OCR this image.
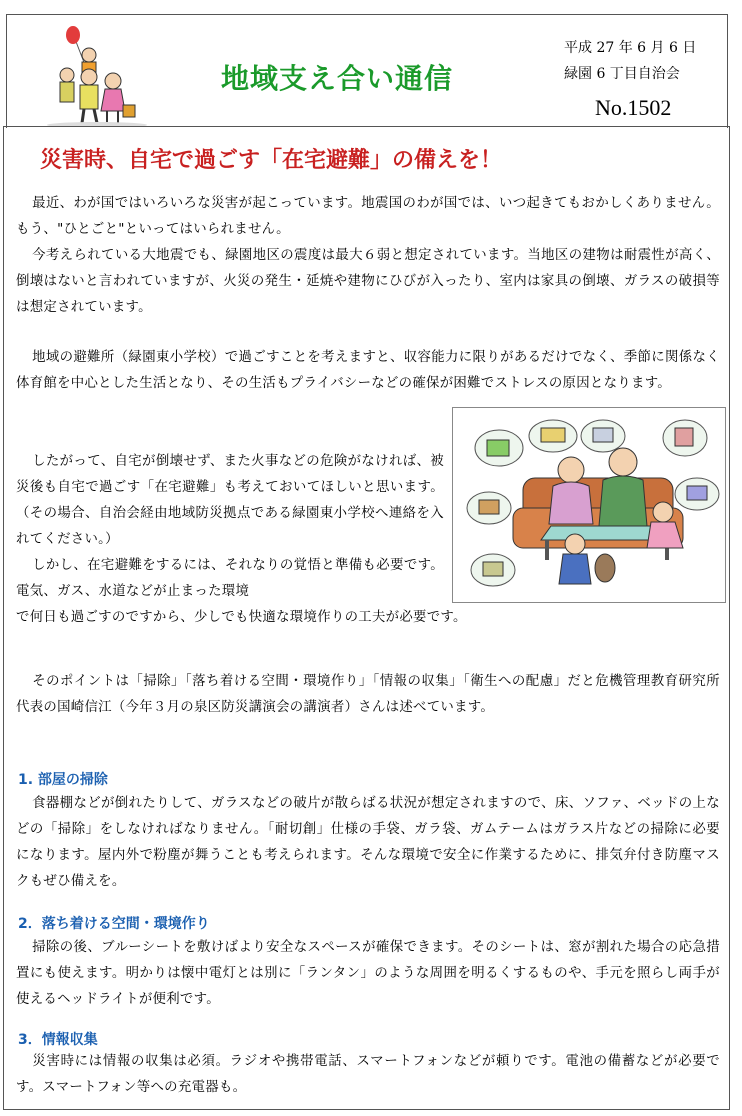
地域支え合い通信
平成 27 年 6 月 6 日
緑園 6 丁目自治会
No.1502
災害時、自宅で過ごす「在宅避難」の備えを！
最近、わが国ではいろいろな災害が起こっています。地震国のわが国では、いつ起きてもおかしくありません。もう、"ひとごと"といってはいられません。
今考えられている大地震でも、緑園地区の震度は最大６弱と想定されています。当地区の建物は耐震性が高く、倒壊はないと言われていますが、火災の発生・延焼や建物にひびが入ったり、室内は家具の倒壊、ガラスの破損等は想定されています。
地域の避難所（緑園東小学校）で過ごすことを考えますと、収容能力に限りがあるだけでなく、季節に関係なく体育館を中心とした生活となり、その生活もプライバシーなどの確保が困難でストレスの原因となります。
したがって、自宅が倒壊せず、また火事などの危険がなければ、被災後も自宅で過ごす「在宅避難」も考えておいてほしいと思います。（その場合、自治会経由地域防災拠点である緑園東小学校へ連絡を入れてください。）
しかし、在宅避難をするには、それなりの覚悟と準備も必要です。電気、ガス、水道などが止まった環境
で何日も過ごすのですから、少しでも快適な環境作りの工夫が必要です。
そのポイントは「掃除」「落ち着ける空間・環境作り」「情報の収集」「衛生への配慮」だと危機管理教育研究所代表の国崎信江（今年３月の泉区防災講演会の講演者）さんは述べています。
1. 部屋の掃除
食器棚などが倒れたりして、ガラスなどの破片が散らばる状況が想定されますので、床、ソファ、ベッドの上などの「掃除」をしなければなりません。「耐切創」仕様の手袋、ガラ袋、ガムテームはガラス片などの掃除に必要になります。屋内外で粉塵が舞うことも考えられます。そんな環境で安全に作業するために、排気弁付き防塵マスクもぜひ備えを。
2．落ち着ける空間・環境作り
掃除の後、ブルーシートを敷けばより安全なスペースが確保できます。そのシートは、窓が割れた場合の応急措置にも使えます。明かりは懐中電灯とは別に「ランタン」のような周囲を明るくするものや、手元を照らし両手が使えるヘッドライトが便利です。
3．情報収集
災害時には情報の収集は必須。ラジオや携帯電話、スマートフォンなどが頼りです。電池の備蓄などが必要です。スマートフォン等への充電器も。
